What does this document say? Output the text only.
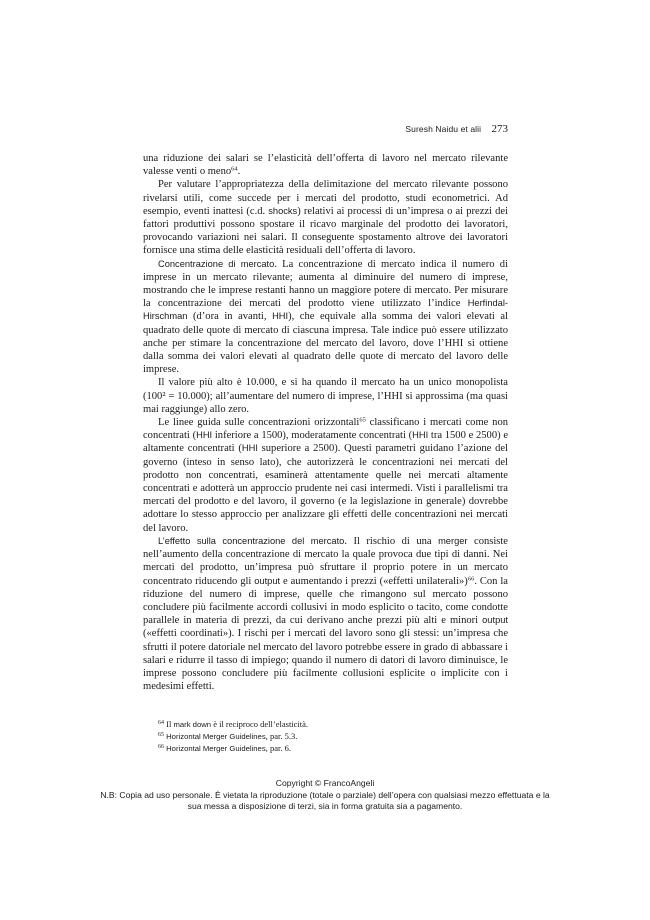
Suresh Naidu et alii 273

una riduzione dei salari se l’elasticità dell’offerta di lavoro nel mercato rilevante valesse venti o meno$^{64}$.

Per valutare l’appropriatezza della delimitazione del mercato rilevante possono rivelarsi utili, come succede per i mercati del prodotto, studi econometrici. Ad esempio, eventi inattesi (c.d. shocks) relativi ai processi di un’impresa o ai prezzi dei fattori produttivi possono spostare il ricavo marginale del prodotto dei lavoratori, provocando variazioni nei salari. Il conseguente spostamento altrove dei lavoratori fornisce una stima delle elasticità residuali dell’offerta di lavoro.

Concentrazione di mercato. La concentrazione di mercato indica il numero di imprese in un mercato rilevante; aumenta al diminuire del numero di imprese, mostrando che le imprese restanti hanno un maggiore potere di mercato. Per misurare la concentrazione dei mercati del prodotto viene utilizzato l’indice Herfindal-Hirschman (d’ora in avanti, HHI), che equivale alla somma dei valori elevati al quadrato delle quote di mercato di ciascuna impresa. Tale indice può essere utilizzato anche per stimare la concentrazione del mercato del lavoro, dove l’HHI si ottiene dalla somma dei valori elevati al quadrato delle quote di mercato del lavoro delle imprese.

Il valore più alto è 10.000, e si ha quando il mercato ha un unico monopolista (100² = 10.000); all’aumentare del numero di imprese, l’HHI si approssima (ma quasi mai raggiunge) allo zero.

Le linee guida sulle concentrazioni orizzontali$^{65}$ classificano i mercati come non concentrati (HHI inferiore a 1500), moderatamente concentrati (HHI tra 1500 e 2500) e altamente concentrati (HHI superiore a 2500). Questi parametri guidano l’azione del governo (inteso in senso lato), che autorizzerà le concentrazioni nei mercati del prodotto non concentrati, esaminerà attentamente quelle nei mercati altamente concentrati e adotterà un approccio prudente nei casi intermedi. Visti i parallelismi tra mercati del prodotto e del lavoro, il governo (e la legislazione in generale) dovrebbe adottare lo stesso approccio per analizzare gli effetti delle concentrazioni nei mercati del lavoro.

L’effetto sulla concentrazione del mercato. Il rischio di una merger consiste nell’aumento della concentrazione di mercato la quale provoca due tipi di danni. Nei mercati del prodotto, un’impresa può sfruttare il proprio potere in un mercato concentrato riducendo gli output e aumentando i prezzi («effetti unilaterali»)$^{66}$. Con la riduzione del numero di imprese, quelle che rimangono sul mercato possono concludere più facilmente accordi collusivi in modo esplicito o tacito, come condotte parallele in materia di prezzi, da cui derivano anche prezzi più alti e minori output («effetti coordinati»). I rischi per i mercati del lavoro sono gli stessi: un’impresa che sfrutti il potere datoriale nel mercato del lavoro potrebbe essere in grado di abbassare i salari e ridurre il tasso di impiego; quando il numero di datori di lavoro diminuisce, le imprese possono concludere più facilmente collusioni esplicite o implicite con i medesimi effetti.

$^{64}$ Il mark down è il reciproco dell’elasticità.
$^{65}$ Horizontal Merger Guidelines, par. 5.3.
$^{66}$ Horizontal Merger Guidelines, par. 6.
Copyright © FrancoAngeli
N.B: Copia ad uso personale. È vietata la riproduzione (totale o parziale) dell’opera con qualsiasi mezzo effettuata e la sua messa a disposizione di terzi, sia in forma gratuita sia a pagamento.
